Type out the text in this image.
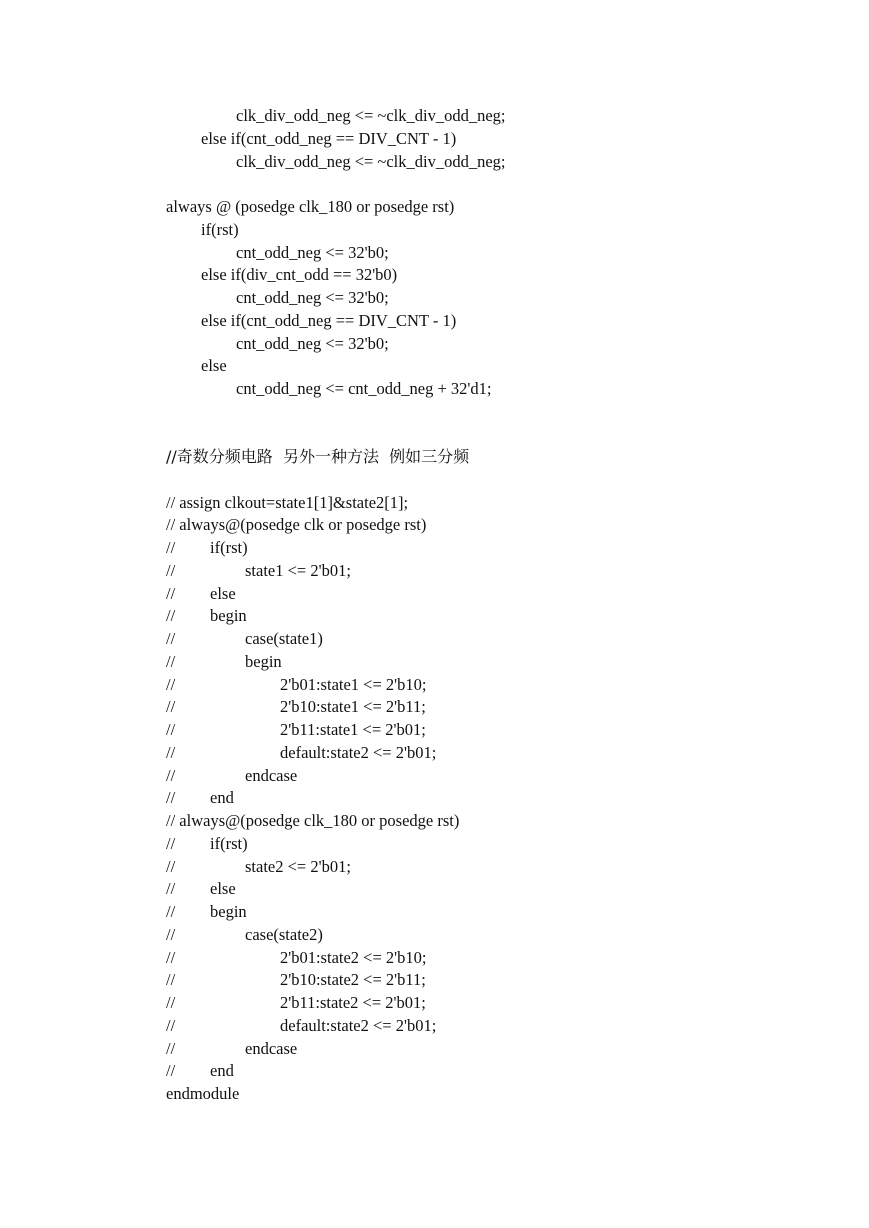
clk_div_odd_neg <= ~clk_div_odd_neg;
else if(cnt_odd_neg == DIV_CNT - 1)
clk_div_odd_neg <= ~clk_div_odd_neg;
always @ (posedge clk_180 or posedge rst)
if(rst)
cnt_odd_neg <= 32'b0;
else if(div_cnt_odd == 32'b0)
cnt_odd_neg <= 32'b0;
else if(cnt_odd_neg == DIV_CNT - 1)
cnt_odd_neg <= 32'b0;
else
cnt_odd_neg <= cnt_odd_neg + 32'd1;
//奇数分频电路  另外一种方法  例如三分频
// assign clkout=state1[1]&state2[1];
// always@(posedge clk or posedge rst)
// if(rst)
//	state1 <= 2'b01;
// else
// begin
//	case(state1)
//	begin
//	2'b01:state1 <= 2'b10;
//	2'b10:state1 <= 2'b11;
//	2'b11:state1 <= 2'b01;
//	default:state2 <= 2'b01;
//	endcase
// end
// always@(posedge clk_180 or posedge rst)
// if(rst)
//	state2 <= 2'b01;
// else
// begin
//	case(state2)
//	2'b01:state2 <= 2'b10;
//	2'b10:state2 <= 2'b11;
//	2'b11:state2 <= 2'b01;
//	default:state2 <= 2'b01;
//	endcase
// end
endmodule
